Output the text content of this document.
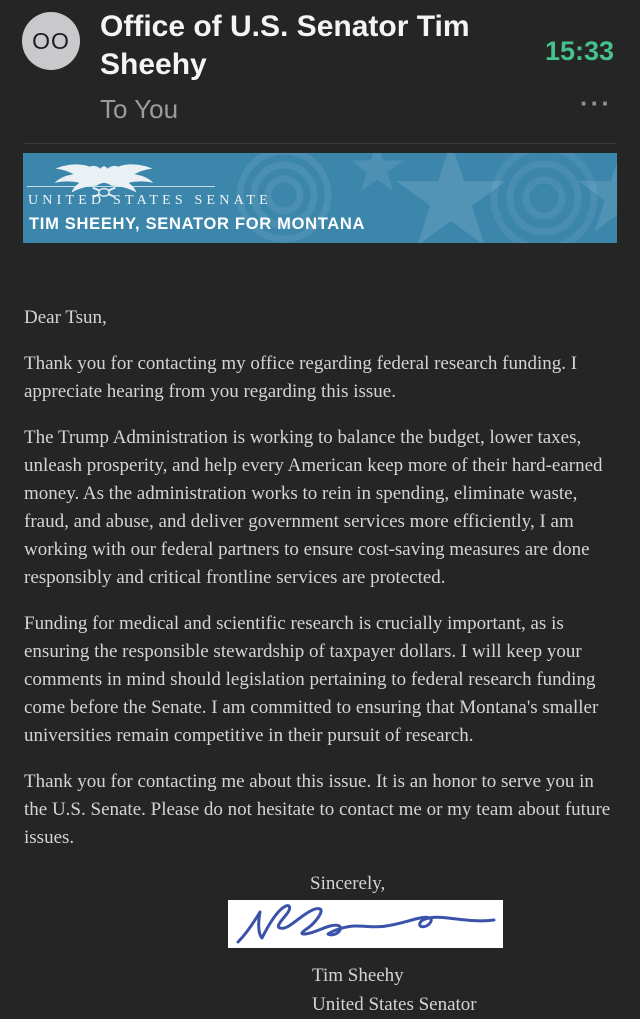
OO Office of U.S. Senator Tim Sheehy
To You
15:33
···
UNITED STATES SENATE
TIM SHEEHY, SENATOR FOR MONTANA

Dear Tsun,

Thank you for contacting my office regarding federal research funding. I appreciate hearing from you regarding this issue.

The Trump Administration is working to balance the budget, lower taxes, unleash prosperity, and help every American keep more of their hard-earned money. As the administration works to rein in spending, eliminate waste, fraud, and abuse, and deliver government services more efficiently, I am working with our federal partners to ensure cost-saving measures are done responsibly and critical frontline services are protected.

Funding for medical and scientific research is crucially important, as is ensuring the responsible stewardship of taxpayer dollars. I will keep your comments in mind should legislation pertaining to federal research funding come before the Senate. I am committed to ensuring that Montana's smaller universities remain competitive in their pursuit of research.

Thank you for contacting me about this issue. It is an honor to serve you in the U.S. Senate. Please do not hesitate to contact me or my team about future issues.

Sincerely,

Tim Sheehy

United States Senator
